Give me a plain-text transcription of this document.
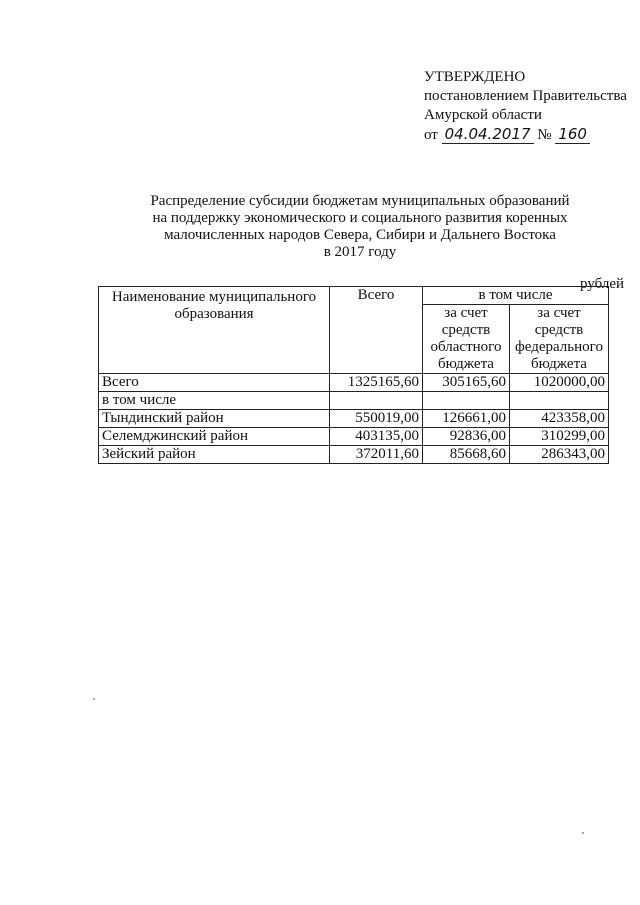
УТВЕРЖДЕНО
постановлением Правительства
Амурской области
от 04.04.2017 № 160
Распределение субсидии бюджетам муниципальных образований
на поддержку экономического и социального развития коренных
малочисленных народов Севера, Сибири и Дальнего Востока
в 2017 году
рублей
Наименование муниципального образования	Всего	в том числе	
		за счет средств областного бюджета	за счет средств федерального бюджета
Всего	1325165,60	305165,60	1020000,00
в том числе			
Тындинский район	550019,00	126661,00	423358,00
Селемджинский район	403135,00	92836,00	310299,00
Зейский район	372011,60	85668,60	286343,00
